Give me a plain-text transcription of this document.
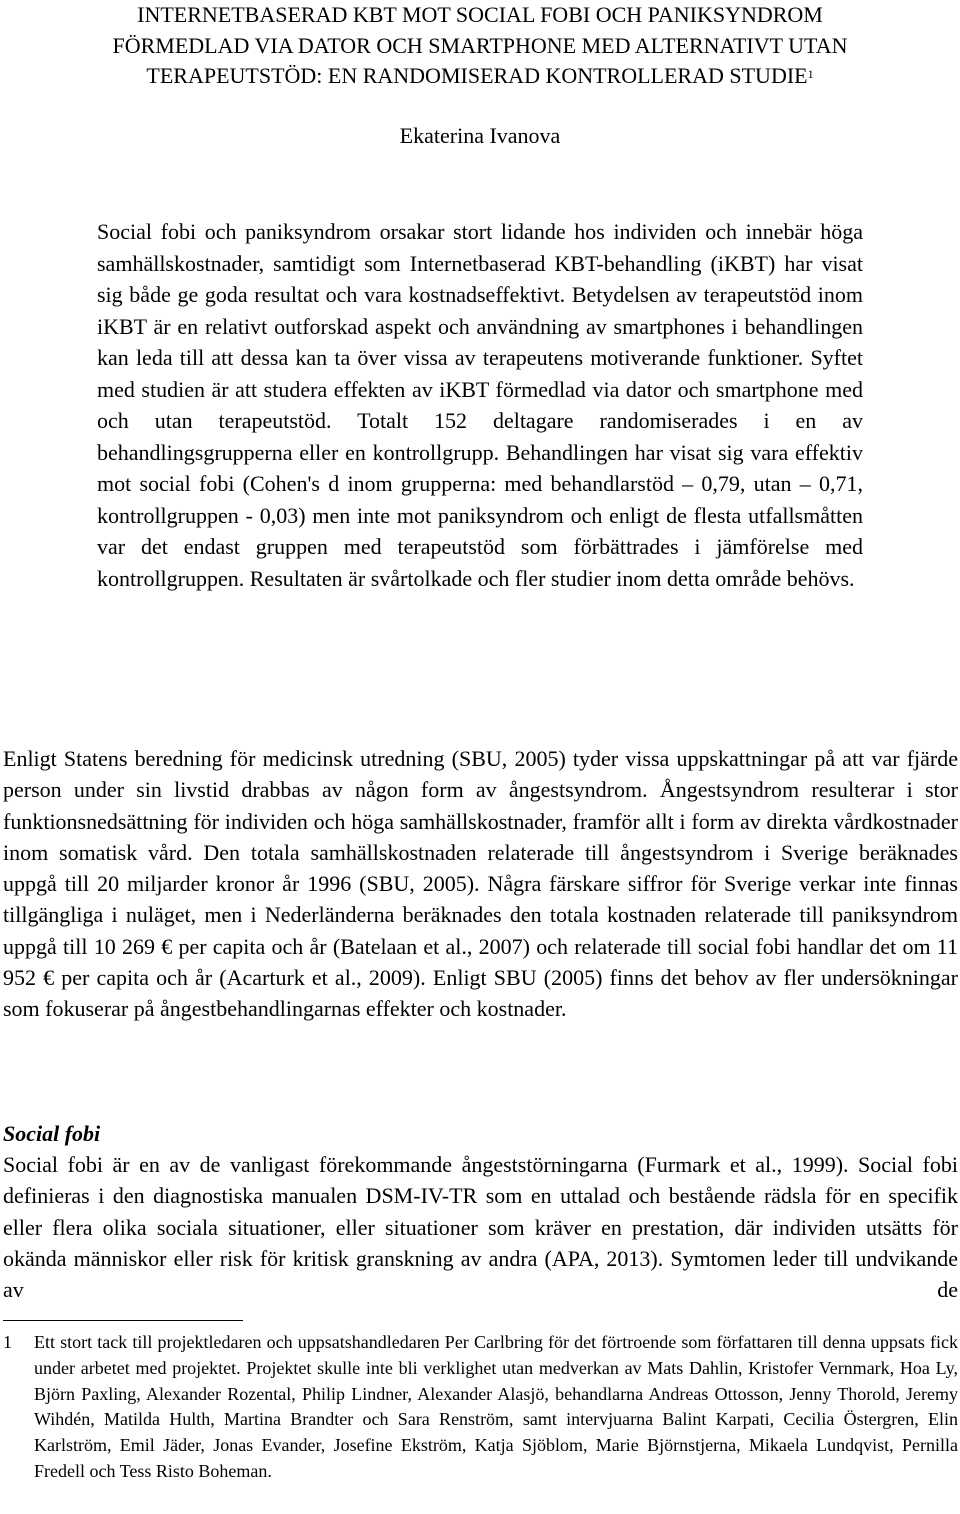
INTERNETBASERAD KBT MOT SOCIAL FOBI OCH PANIKSYNDROM
FÖRMEDLAD VIA DATOR OCH SMARTPHONE MED ALTERNATIVT UTAN
TERAPEUTSTÖD: EN RANDOMISERAD KONTROLLERAD STUDIE$^1$

Ekaterina Ivanova

Social fobi och paniksyndrom orsakar stort lidande hos individen och innebär höga samhällskostnader, samtidigt som Internetbaserad KBT-behandling (iKBT) har visat sig både ge goda resultat och vara kostnadseffektivt. Betydelsen av terapeutstöd inom iKBT är en relativt outforskad aspekt och användning av smartphones i behandlingen kan leda till att dessa kan ta över vissa av terapeutens motiverande funktioner. Syftet med studien är att studera effekten av iKBT förmedlad via dator och smartphone med och utan terapeutstöd. Totalt 152 deltagare randomiserades i en av behandlingsgrupperna eller en kontrollgrupp. Behandlingen har visat sig vara effektiv mot social fobi (Cohen's d inom grupperna: med behandlarstöd – 0,79, utan – 0,71, kontrollgruppen - 0,03) men inte mot paniksyndrom och enligt de flesta utfallsmåtten var det endast gruppen med terapeutstöd som förbättrades i jämförelse med kontrollgruppen. Resultaten är svårtolkade och fler studier inom detta område behövs.

Enligt Statens beredning för medicinsk utredning (SBU, 2005) tyder vissa uppskattningar på att var fjärde person under sin livstid drabbas av någon form av ångestsyndrom. Ångestsyndrom resulterar i stor funktionsnedsättning för individen och höga samhällskostnader, framför allt i form av direkta vårdkostnader inom somatisk vård. Den totala samhällskostnaden relaterade till ångestsyndrom i Sverige beräknades uppgå till 20 miljarder kronor år 1996 (SBU, 2005). Några färskare siffror för Sverige verkar inte finnas tillgängliga i nuläget, men i Nederländerna beräknades den totala kostnaden relaterade till paniksyndrom uppgå till 10 269 € per capita och år (Batelaan et al., 2007) och relaterade till social fobi handlar det om 11 952 € per capita och år (Acarturk et al., 2009). Enligt SBU (2005) finns det behov av fler undersökningar som fokuserar på ångestbehandlingarnas effekter och kostnader.

Social fobi

Social fobi är en av de vanligast förekommande ångeststörningarna (Furmark et al., 1999). Social fobi definieras i den diagnostiska manualen DSM-IV-TR som en uttalad och bestående rädsla för en specifik eller flera olika sociala situationer, eller situationer som kräver en prestation, där individen utsätts för okända människor eller risk för kritisk granskning av andra (APA, 2013). Symtomen leder till undvikande av de

1 Ett stort tack till projektledaren och uppsatshandledaren Per Carlbring för det förtroende som författaren till denna uppsats fick under arbetet med projektet. Projektet skulle inte bli verklighet utan medverkan av Mats Dahlin, Kristofer Vernmark, Hoa Ly, Björn Paxling, Alexander Rozental, Philip Lindner, Alexander Alasjö, behandlarna Andreas Ottosson, Jenny Thorold, Jeremy Wihdén, Matilda Hulth, Martina Brandter och Sara Renström, samt intervjuarna Balint Karpati, Cecilia Östergren, Elin Karlström, Emil Jäder, Jonas Evander, Josefine Ekström, Katja Sjöblom, Marie Björnstjerna, Mikaela Lundqvist, Pernilla Fredell och Tess Risto Boheman.
